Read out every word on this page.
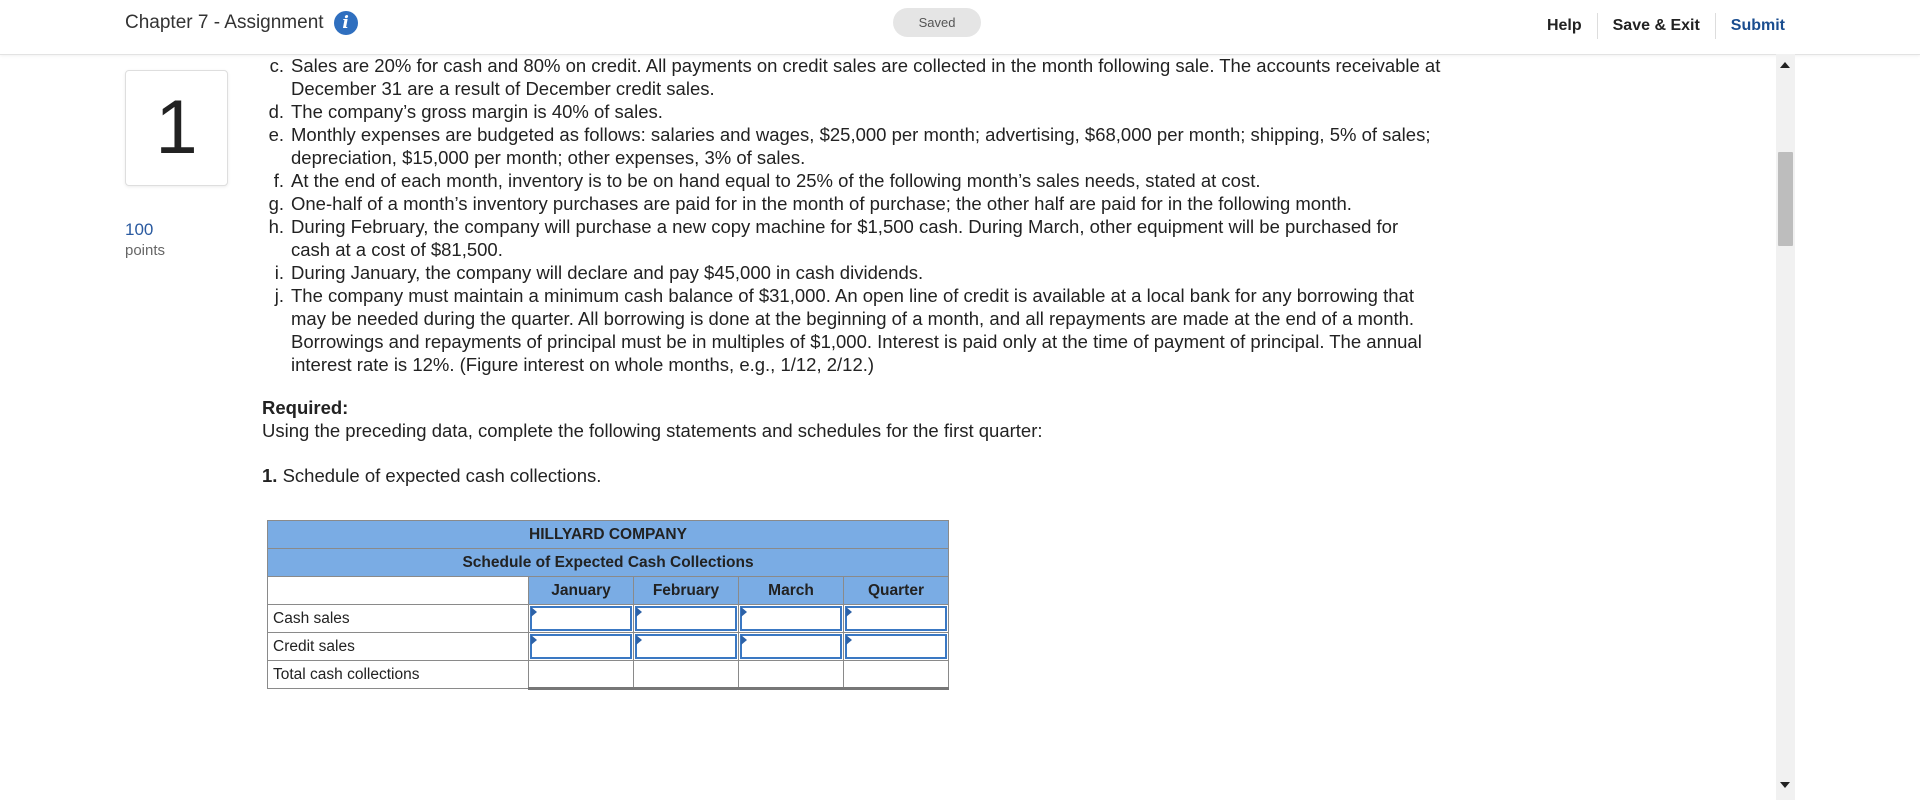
Chapter 7 - Assignment	i	Saved	Help	Save & Exit	Submit
1
100
points
c. Sales are 20% for cash and 80% on credit. All payments on credit sales are collected in the month following sale. The accounts receivable at December 31 are a result of December credit sales.
d. The company’s gross margin is 40% of sales.
e. Monthly expenses are budgeted as follows: salaries and wages, $25,000 per month; advertising, $68,000 per month; shipping, 5% of sales; depreciation, $15,000 per month; other expenses, 3% of sales.
f. At the end of each month, inventory is to be on hand equal to 25% of the following month’s sales needs, stated at cost.
g. One-half of a month’s inventory purchases are paid for in the month of purchase; the other half are paid for in the following month.
h. During February, the company will purchase a new copy machine for $1,500 cash. During March, other equipment will be purchased for cash at a cost of $81,500.
i. During January, the company will declare and pay $45,000 in cash dividends.
j. The company must maintain a minimum cash balance of $31,000. An open line of credit is available at a local bank for any borrowing that may be needed during the quarter. All borrowing is done at the beginning of a month, and all repayments are made at the end of a month. Borrowings and repayments of principal must be in multiples of $1,000. Interest is paid only at the time of payment of principal. The annual interest rate is 12%. (Figure interest on whole months, e.g., 1/12, 2/12.)
Required:
Using the preceding data, complete the following statements and schedules for the first quarter:
1. Schedule of expected cash collections.
HILLYARD COMPANY				
Schedule of Expected Cash Collections				
	January	February	March	Quarter
Cash sales	

Credit sales	

Total cash collections				
